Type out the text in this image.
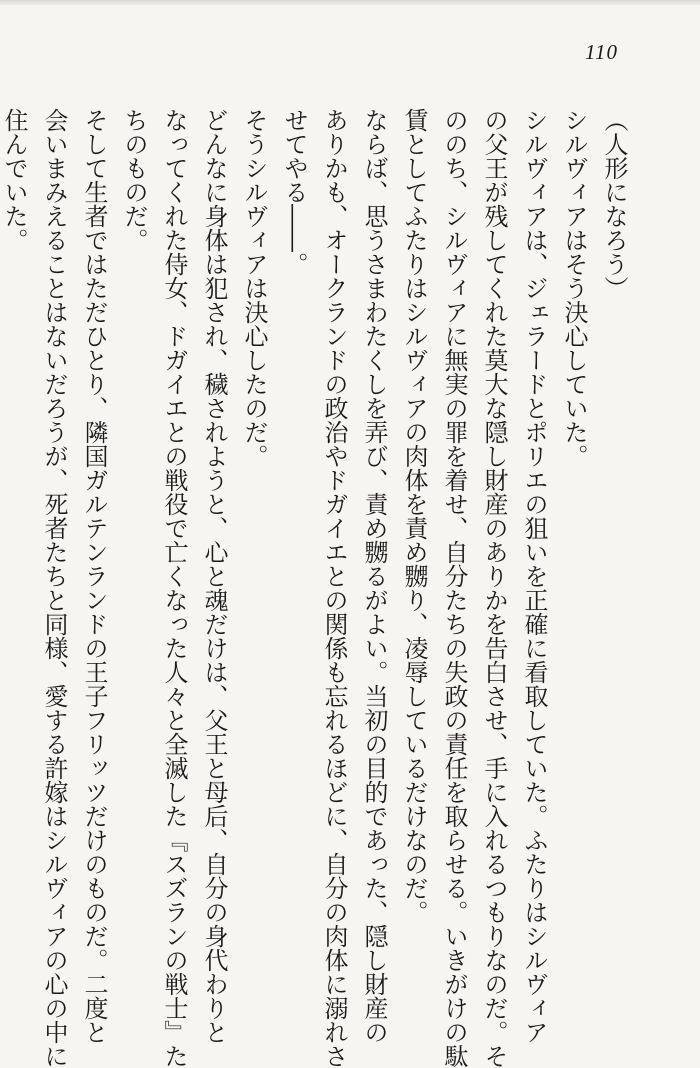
110

（人形になろう）

シルヴィアはそう決心していた。

シルヴィアは、ジェラードとポリエの狙いを正確に看取していた。ふたりはシルヴィア

の父王が残してくれた莫大な隠し財産のありかを告白させ、手に入れるつもりなのだ。そ

ののち、シルヴィアに無実の罪を着せ、自分たちの失政の責任を取らせる。いきがけの駄

賃としてふたりはシルヴィアの肉体を責め嬲り、凌辱しているだけなのだ。

ならば、思うさまわたくしを弄び、責め嬲るがよい。当初の目的であった、隠し財産の

ありかも、オークランドの政治やドガイエとの関係も忘れるほどに、自分の肉体に溺れさ

せてやる――。

そうシルヴィアは決心したのだ。

どんなに身体は犯され、穢されようと、心と魂だけは、父王と母后、自分の身代わりと

なってくれた侍女、ドガイエとの戦役で亡くなった人々と全滅した『スズランの戦士』た

ちのものだ。

そして生者ではただひとり、隣国ガルテンランドの王子フリッツだけのものだ。二度と

会いまみえることはないだろうが、死者たちと同様、愛する許嫁はシルヴィアの心の中に

住んでいた。
